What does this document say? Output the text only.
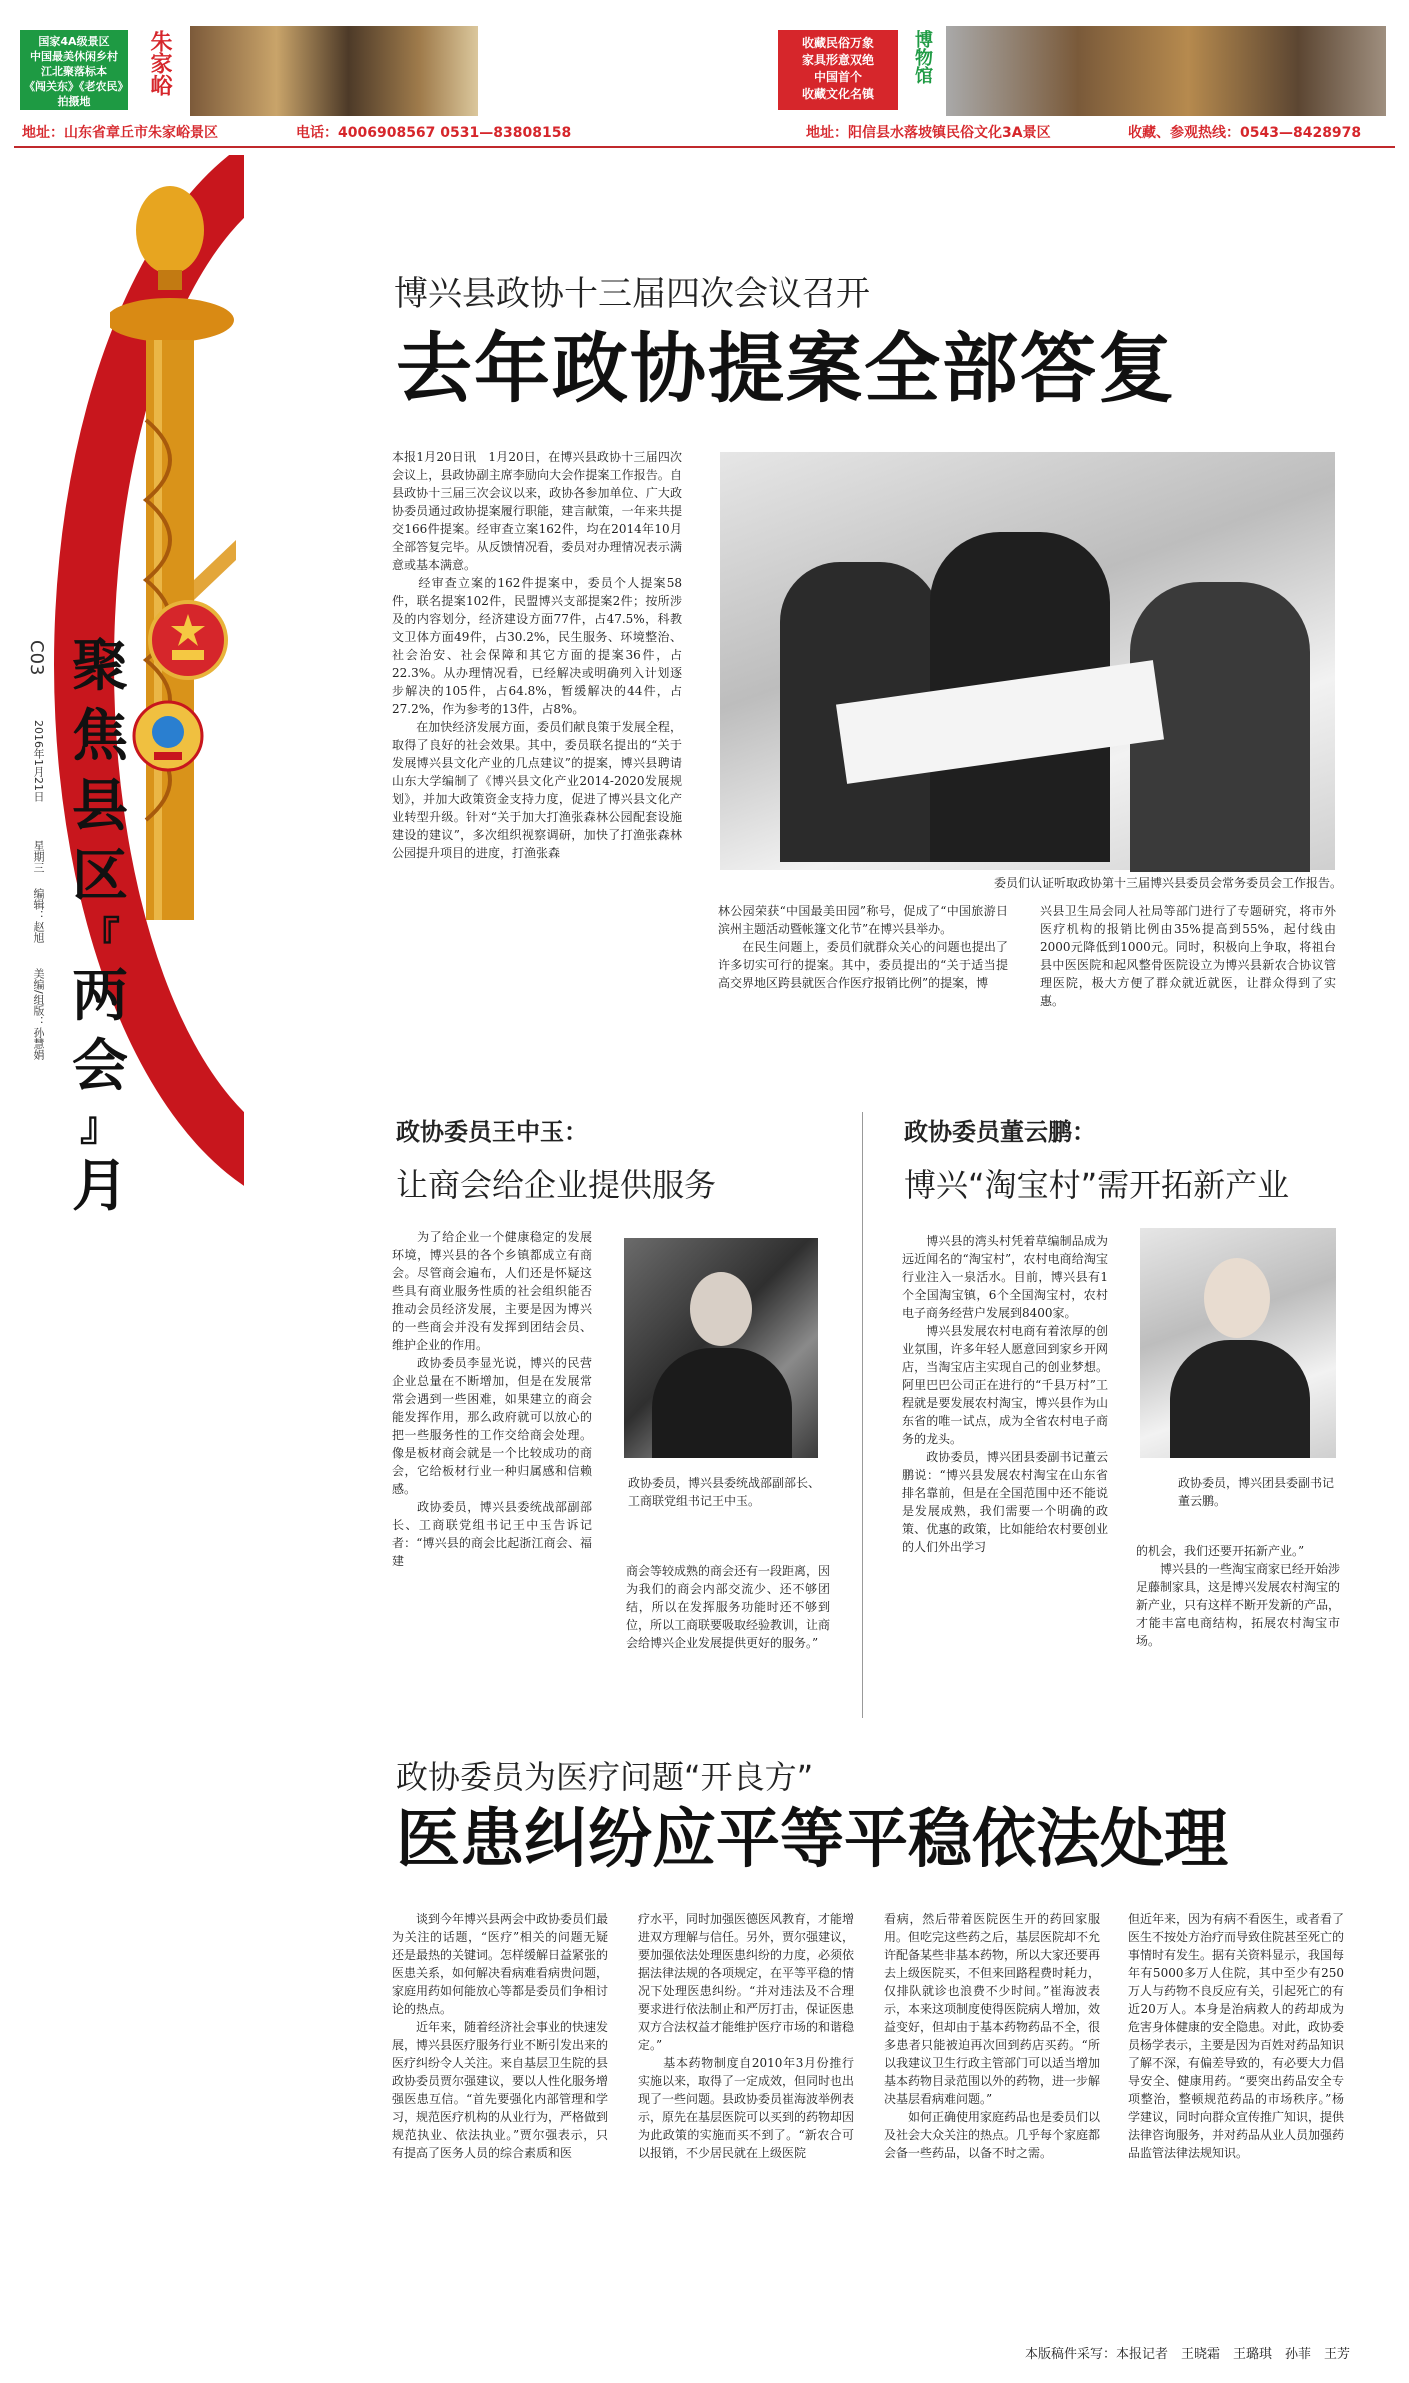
国家4A级景区
中国最美休闲乡村
江北聚落标本
《闯关东》《老农民》
拍摄地
朱家峪	收藏民俗万象
家具形意双绝
中国首个
收藏文化名镇
博物馆
地址：山东省章丘市朱家峪景区	电话：4006908567 0531—83808158	地址：阳信县水落坡镇民俗文化3A景区	收藏、参观热线：0543—8428978
聚
焦
县
区
『
两
会
』
月
C03
2016年1月21日
星期三
编辑：赵旭
美编/组版：孙慧娟
博兴县政协十三届四次会议召开
去年政协提案全部答复
本报1月20日讯　1月20日，在博兴县政协十三届四次会议上，县政协副主席李励向大会作提案工作报告。自县政协十三届三次会议以来，政协各参加单位、广大政协委员通过政协提案履行职能，建言献策，一年来共提交166件提案。经审查立案162件，均在2014年10月全部答复完毕。从反馈情况看，委员对办理情况表示满意或基本满意。
　　经审查立案的162件提案中，委员个人提案58件，联名提案102件，民盟博兴支部提案2件；按所涉及的内容划分，经济建设方面77件，占47.5%，科教文卫体方面49件，占30.2%，民生服务、环境整治、社会治安、社会保障和其它方面的提案36件，占22.3%。从办理情况看，已经解决或明确列入计划逐步解决的105件，占64.8%，暂缓解决的44件，占27.2%，作为参考的13件，占8%。
　　在加快经济发展方面，委员们献良策于发展全程，取得了良好的社会效果。其中，委员联名提出的“关于发展博兴县文化产业的几点建议”的提案，博兴县聘请山东大学编制了《博兴县文化产业2014-2020发展规划》，并加大政策资金支持力度，促进了博兴县文化产业转型升级。针对“关于加大打渔张森林公园配套设施建设的建议”，多次组织视察调研，加快了打渔张森林公园提升项目的进度，打渔张森
委员们认证听取政协第十三届博兴县委员会常务委员会工作报告。
林公园荣获“中国最美田园”称号，促成了“中国旅游日滨州主题活动暨帐篷文化节”在博兴县举办。
　　在民生问题上，委员们就群众关心的问题也提出了许多切实可行的提案。其中，委员提出的“关于适当提高交界地区跨县就医合作医疗报销比例”的提案，博
兴县卫生局会同人社局等部门进行了专题研究，将市外医疗机构的报销比例由35%提高到55%，起付线由2000元降低到1000元。同时，积极向上争取，将祖台县中医医院和起风整骨医院设立为博兴县新农合协议管理医院，极大方便了群众就近就医，让群众得到了实惠。
政协委员王中玉：
让商会给企业提供服务
　　为了给企业一个健康稳定的发展环境，博兴县的各个乡镇都成立有商会。尽管商会遍布，人们还是怀疑这些具有商业服务性质的社会组织能否推动会员经济发展，主要是因为博兴的一些商会并没有发挥到团结会员、维护企业的作用。
　　政协委员李显光说，博兴的民营企业总量在不断增加，但是在发展常常会遇到一些困难，如果建立的商会能发挥作用，那么政府就可以放心的把一些服务性的工作交给商会处理。像是板材商会就是一个比较成功的商会，它给板材行业一种归属感和信赖感。
　　政协委员，博兴县委统战部副部长、工商联党组书记王中玉告诉记者：“博兴县的商会比起浙江商会、福建
政协委员，博兴县委统战部副部长、工商联党组书记王中玉。
商会等较成熟的商会还有一段距离，因为我们的商会内部交流少、还不够团结，所以在发挥服务功能时还不够到位，所以工商联要吸取经验教训，让商会给博兴企业发展提供更好的服务。”
政协委员董云鹏：
博兴“淘宝村”需开拓新产业
　　博兴县的湾头村凭着草编制品成为远近闻名的“淘宝村”，农村电商给淘宝行业注入一泉活水。目前，博兴县有1个全国淘宝镇，6个全国淘宝村，农村电子商务经营户发展到8400家。
　　博兴县发展农村电商有着浓厚的创业氛围，许多年轻人愿意回到家乡开网店，当淘宝店主实现自己的创业梦想。阿里巴巴公司正在进行的“千县万村”工程就是要发展农村淘宝，博兴县作为山东省的唯一试点，成为全省农村电子商务的龙头。
　　政协委员，博兴团县委副书记董云鹏说：“博兴县发展农村淘宝在山东省排名靠前，但是在全国范围中还不能说是发展成熟，我们需要一个明确的政策、优惠的政策，比如能给农村要创业的人们外出学习
政协委员，博兴团县委副书记董云鹏。
的机会，我们还要开拓新产业。”
　　博兴县的一些淘宝商家已经开始涉足藤制家具，这是博兴发展农村淘宝的新产业，只有这样不断开发新的产品，才能丰富电商结构，拓展农村淘宝市场。
政协委员为医疗问题“开良方”
医患纠纷应平等平稳依法处理
　　谈到今年博兴县两会中政协委员们最为关注的话题，“医疗”相关的问题无疑还是最热的关键词。怎样缓解日益紧张的医患关系，如何解决看病难看病贵问题，家庭用药如何能放心等都是委员们争相讨论的热点。
　　近年来，随着经济社会事业的快速发展，博兴县医疗服务行业不断引发出来的医疗纠纷令人关注。来自基层卫生院的县政协委员贾尔强建议，要以人性化服务增强医患互信。“首先要强化内部管理和学习，规范医疗机构的从业行为，严格做到规范执业、依法执业。”贾尔强表示，只有提高了医务人员的综合素质和医
疗水平，同时加强医德医风教育，才能增进双方理解与信任。另外，贾尔强建议，要加强依法处理医患纠纷的力度，必须依据法律法规的各项规定，在平等平稳的情况下处理医患纠纷。“并对违法及不合理要求进行依法制止和严厉打击，保证医患双方合法权益才能维护医疗市场的和谐稳定。”
　　基本药物制度自2010年3月份推行实施以来，取得了一定成效，但同时也出现了一些问题。县政协委员崔海波举例表示，原先在基层医院可以买到的药物却因为此政策的实施而买不到了。“新农合可以报销，不少居民就在上级医院
看病，然后带着医院医生开的药回家服用。但吃完这些药之后，基层医院却不允许配备某些非基本药物，所以大家还要再去上级医院买，不但来回路程费时耗力，仅排队就诊也浪费不少时间。”崔海波表示，本来这项制度使得医院病人增加，效益变好，但却由于基本药物药品不全，很多患者只能被迫再次回到药店买药。“所以我建议卫生行政主管部门可以适当增加基本药物目录范围以外的药物，进一步解决基层看病难问题。”
　　如何正确使用家庭药品也是委员们以及社会大众关注的热点。几乎每个家庭都会备一些药品，以备不时之需。
但近年来，因为有病不看医生，或者看了医生不按处方治疗而导致住院甚至死亡的事情时有发生。据有关资料显示，我国每年有5000多万人住院，其中至少有250万人与药物不良反应有关，引起死亡的有近20万人。本身是治病救人的药却成为危害身体健康的安全隐患。对此，政协委员杨学表示，主要是因为百姓对药品知识了解不深，有偏差导致的，有必要大力倡导安全、健康用药。“要突出药品安全专项整治，整顿规范药品的市场秩序。”杨学建议，同时向群众宣传推广知识，提供法律咨询服务，并对药品从业人员加强药品监管法律法规知识。
本版稿件采写：本报记者　王晓霜　王璐琪　孙菲　王芳
